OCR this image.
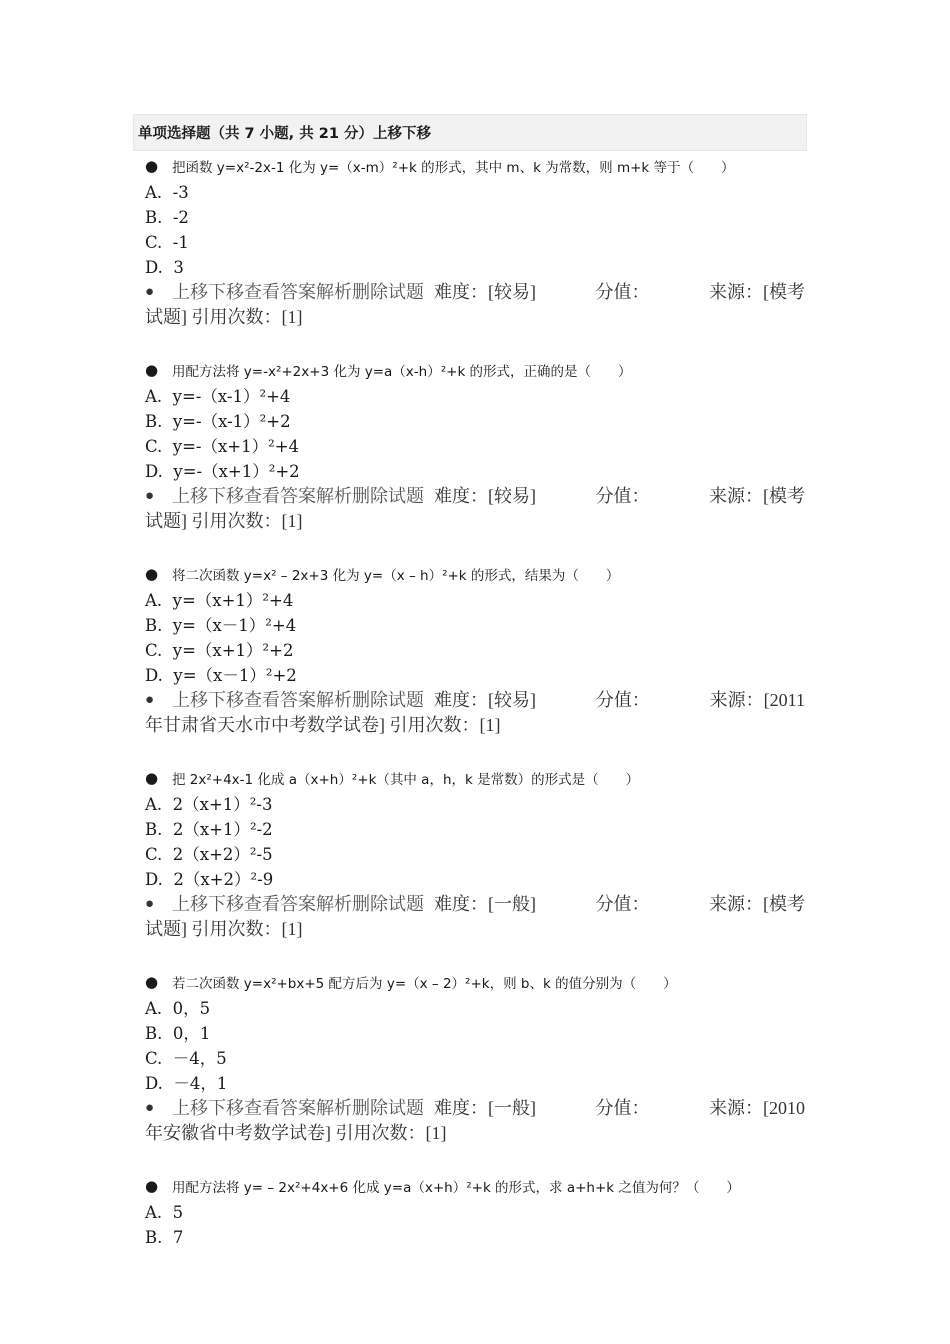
单项选择题（共 7 小题, 共 21 分） 上移下移
●	把函数 y=x²-2x-1 化为 y=（x-m）²+k 的形式，其中 m、k 为常数，则 m+k 等于（　　）
A.  -3
B.  -2
C.  -1
D.  3
● 上移下移查看答案解析删除试题 难度：[较易]	分值：	来源：[模考
试题] 引用次数：[1]
●	用配方法将 y=-x²+2x+3 化为 y=a（x-h）²+k 的形式，正确的是（　　）
A.  y=-（x-1）²+4
B.  y=-（x-1）²+2
C.  y=-（x+1）²+4
D.  y=-（x+1）²+2
● 上移下移查看答案解析删除试题 难度：[较易]	分值：	来源：[模考
试题] 引用次数：[1]
●	将二次函数 y=x² – 2x+3 化为 y=（x – h）²+k 的形式，结果为（　　）
A.  y=（x+1）²+4
B.  y=（x－1）²+4
C.  y=（x+1）²+2
D.  y=（x－1）²+2
● 上移下移查看答案解析删除试题 难度：[较易]	分值：	来源：[2011
年甘肃省天水市中考数学试卷] 引用次数：[1]
●	把 2x²+4x-1 化成 a（x+h）²+k（其中 a，h，k 是常数）的形式是（　　）
A.  2（x+1）²-3
B.  2（x+1）²-2
C.  2（x+2）²-5
D.  2（x+2）²-9
● 上移下移查看答案解析删除试题 难度：[一般]	分值：	来源：[模考
试题] 引用次数：[1]
●	若二次函数 y=x²+bx+5 配方后为 y=（x – 2）²+k，则 b、k 的值分别为（　　）
A.  0，5
B.  0，1
C.  －4，5
D.  －4，1
● 上移下移查看答案解析删除试题 难度：[一般]	分值：	来源：[2010
年安徽省中考数学试卷] 引用次数：[1]
●	用配方法将 y= – 2x²+4x+6 化成 y=a（x+h）²+k 的形式，求 a+h+k 之值为何？（　　）
A.  5
B.  7
